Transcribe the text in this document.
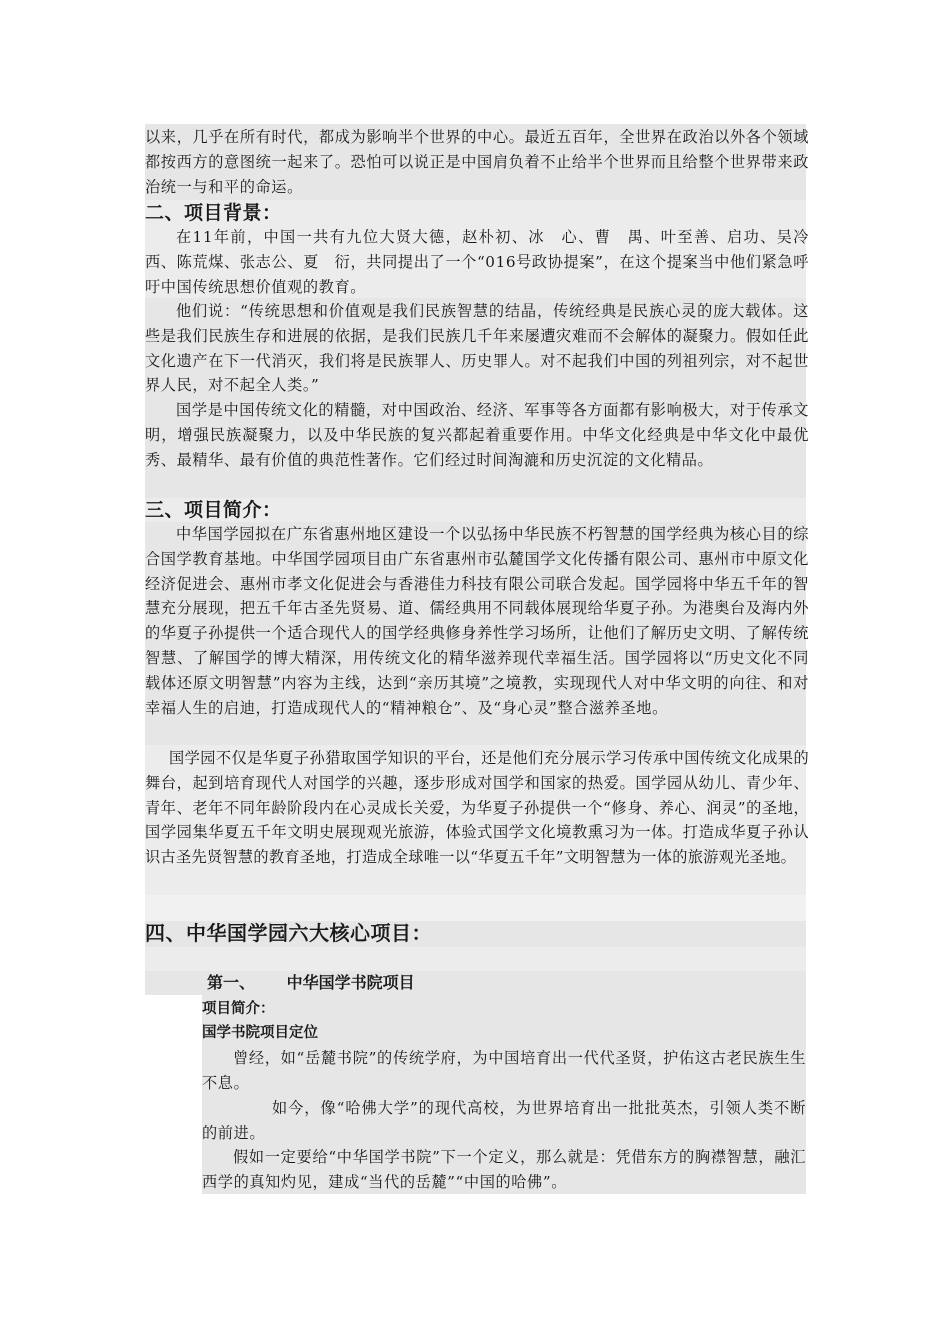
以来，几乎在所有时代，都成为影响半个世界的中心。最近五百年，全世界在政治以外各个领域都按西方的意图统一起来了。恐怕可以说正是中国肩负着不止给半个世界而且给整个世界带来政治统一与和平的命运。

二、项目背景：

在11年前，中国一共有九位大贤大德，赵朴初、冰　心、曹　禺、叶至善、启功、吴冷西、陈荒煤、张志公、夏　衍，共同提出了一个“016号政协提案”，在这个提案当中他们紧急呼吁中国传统思想价值观的教育。

他们说：“传统思想和价值观是我们民族智慧的结晶，传统经典是民族心灵的庞大载体。这些是我们民族生存和进展的依据，是我们民族几千年来屡遭灾难而不会解体的凝聚力。假如任此文化遗产在下一代消灭，我们将是民族罪人、历史罪人。对不起我们中国的列祖列宗，对不起世界人民，对不起全人类。”

国学是中国传统文化的精髓，对中国政治、经济、军事等各方面都有影响极大，对于传承文明，增强民族凝聚力，以及中华民族的复兴都起着重要作用。中华文化经典是中华文化中最优秀、最精华、最有价值的典范性著作。它们经过时间淘漉和历史沉淀的文化精品。

三、项目简介：

中华国学园拟在广东省惠州地区建设一个以弘扬中华民族不朽智慧的国学经典为核心目的综合国学教育基地。中华国学园项目由广东省惠州市弘麓国学文化传播有限公司、惠州市中原文化经济促进会、惠州市孝文化促进会与香港佳力科技有限公司联合发起。国学园将中华五千年的智慧充分展现，把五千年古圣先贤易、道、儒经典用不同载体展现给华夏子孙。为港奥台及海内外的华夏子孙提供一个适合现代人的国学经典修身养性学习场所，让他们了解历史文明、了解传统智慧、了解国学的博大精深，用传统文化的精华滋养现代幸福生活。国学园将以“历史文化不同载体还原文明智慧”内容为主线，达到“亲历其境”之境教，实现现代人对中华文明的向往、和对幸福人生的启迪，打造成现代人的“精神粮仓”、及“身心灵”整合滋养圣地。

国学园不仅是华夏子孙猎取国学知识的平台，还是他们充分展示学习传承中国传统文化成果的舞台，起到培育现代人对国学的兴趣，逐步形成对国学和国家的热爱。国学园从幼儿、青少年、青年、老年不同年龄阶段内在心灵成长关爱，为华夏子孙提供一个“修身、养心、润灵”的圣地，国学园集华夏五千年文明史展现观光旅游，体验式国学文化境教熏习为一体。打造成华夏子孙认识古圣先贤智慧的教育圣地，打造成全球唯一以“华夏五千年”文明智慧为一体的旅游观光圣地。

四、中华国学园六大核心项目：
第一、 中华国学书院项目
项目简介：
国学书院项目定位

曾经，如“岳麓书院”的传统学府，为中国培育出一代代圣贤，护佑这古老民族生生不息。

如今，像“哈佛大学”的现代高校，为世界培育出一批批英杰，引领人类不断的前进。

假如一定要给“中华国学书院”下一个定义，那么就是：凭借东方的胸襟智慧，融汇西学的真知灼见，建成“当代的岳麓”“中国的哈佛”。
